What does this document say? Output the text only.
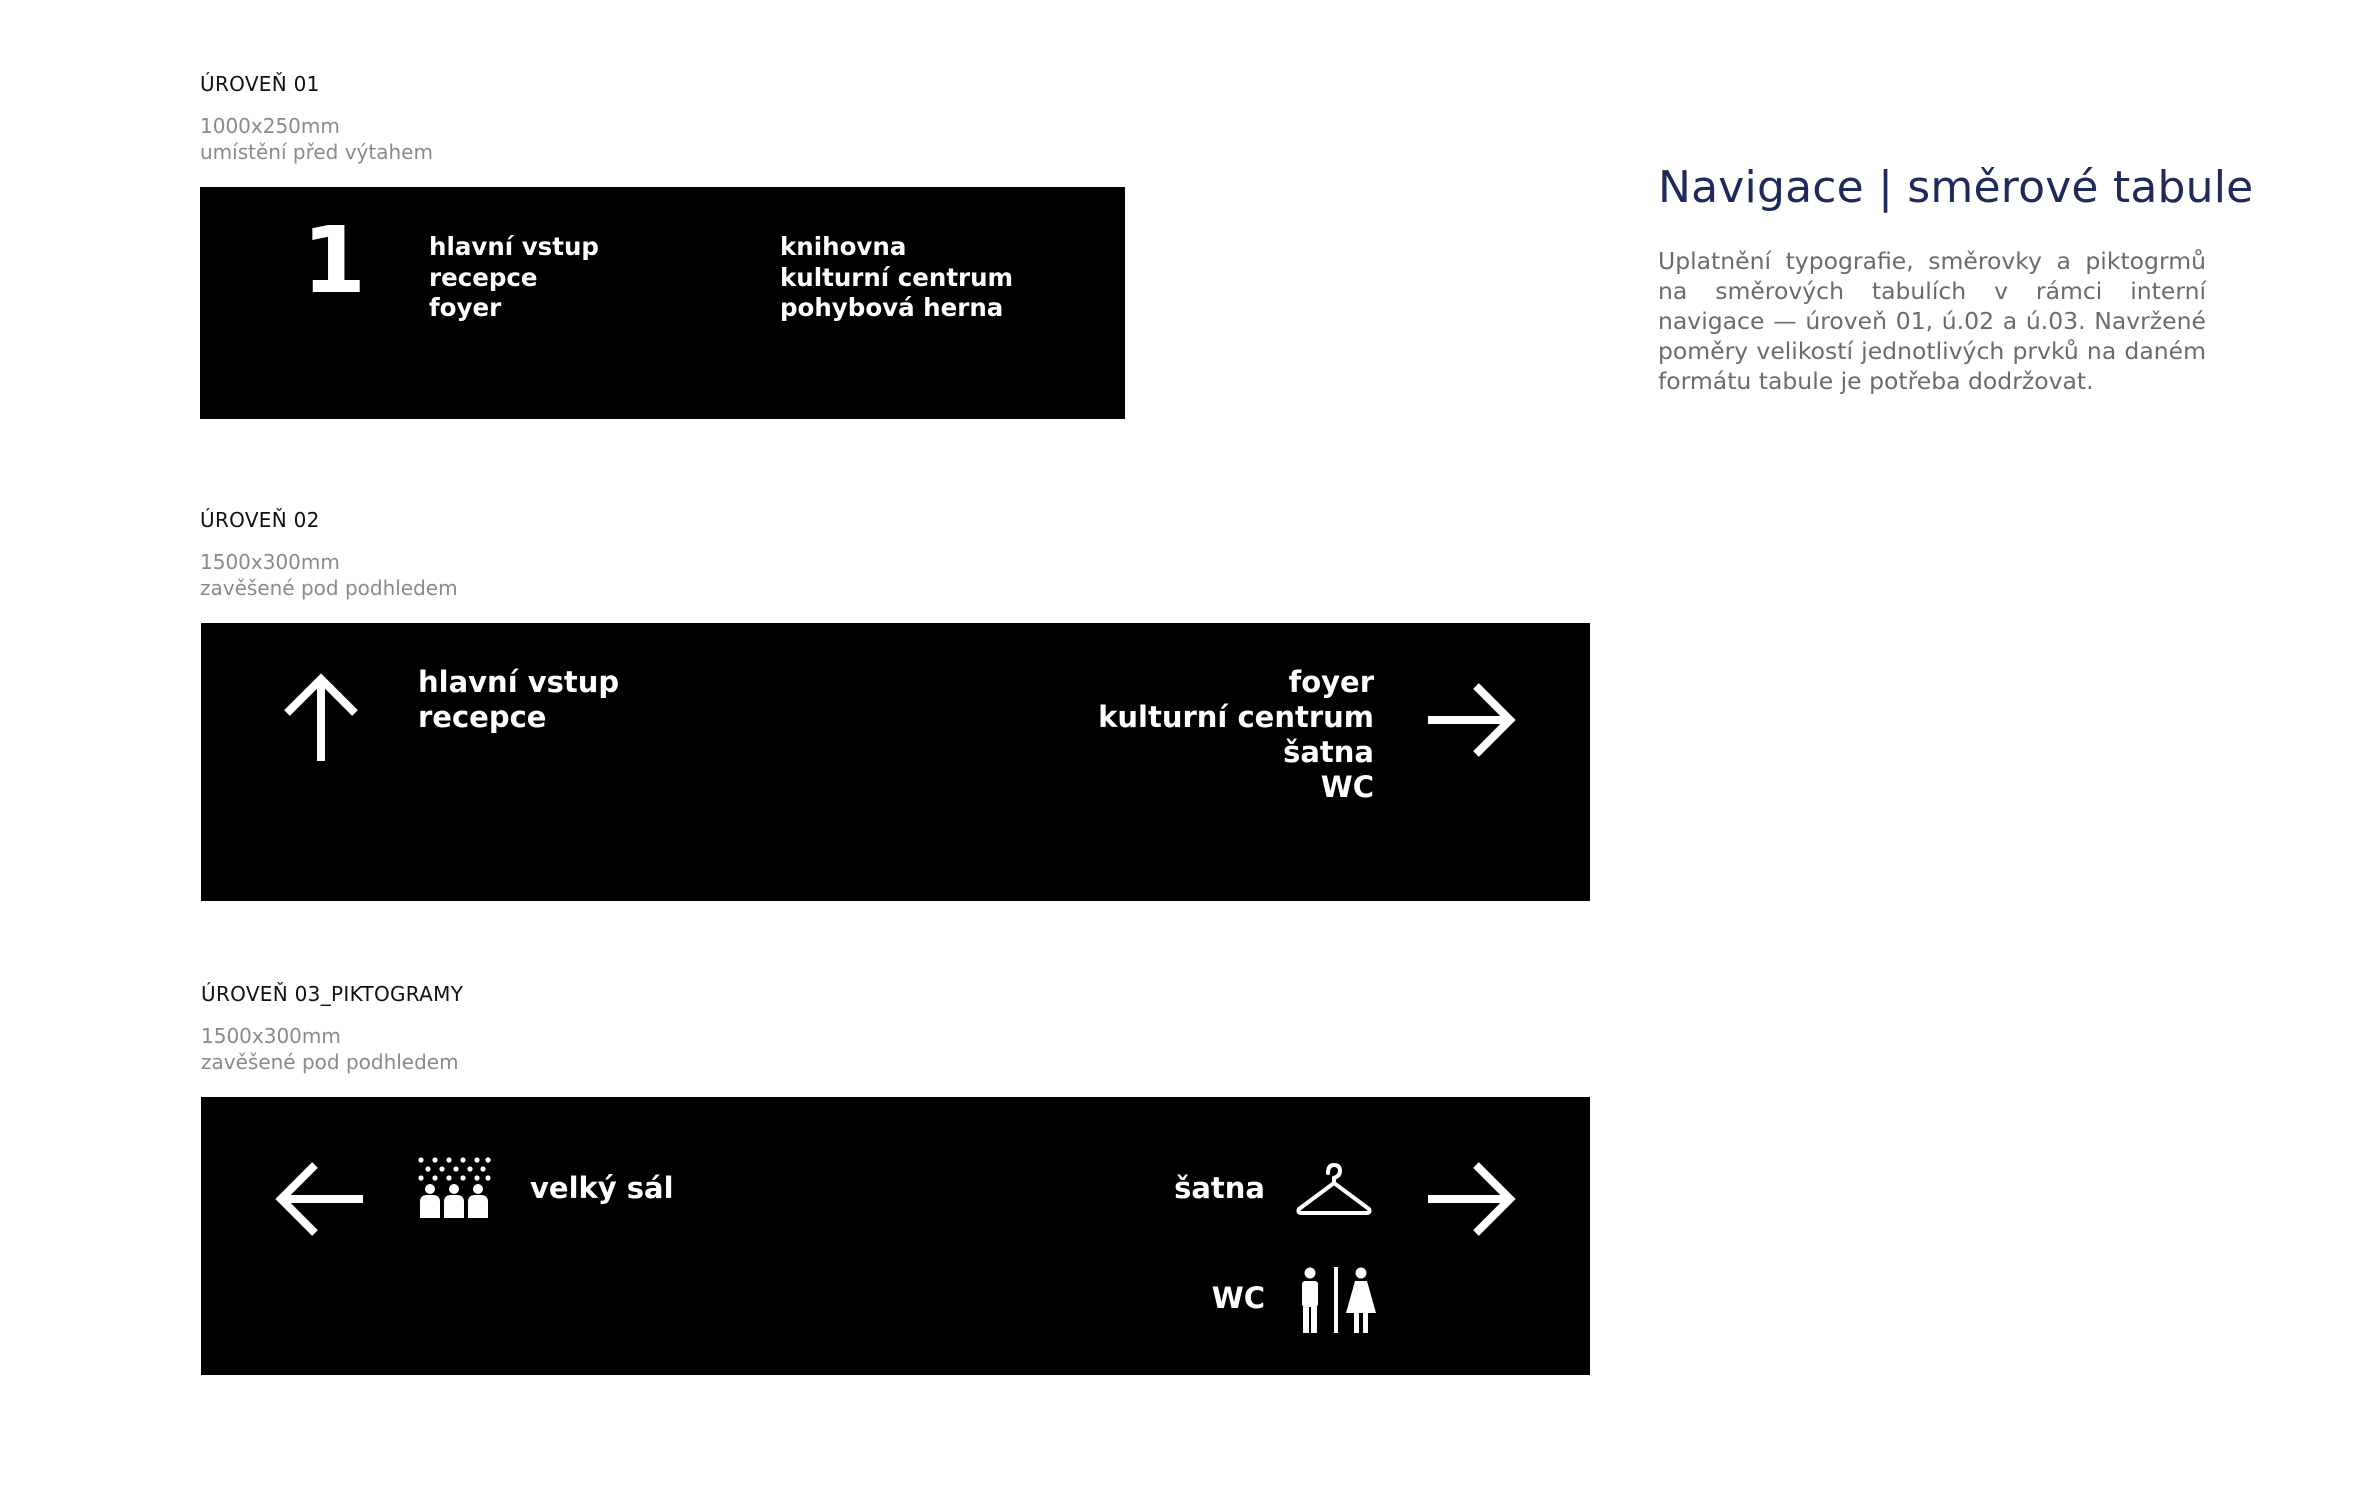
ÚROVEŇ 01
1000x250mm
umístění před výtahem
1	hlavní vstup
recepce
foyer
knihovna
kulturní centrum
pohybová herna
ÚROVEŇ 02
1500x300mm
zavěšené pod podhledem
hlavní vstup
recepce
foyer
kulturní centrum
šatna
WC
ÚROVEŇ 03_PIKTOGRAMY
1500x300mm
zavěšené pod podhledem
velký sál	šatna
WC
Navigace | směrové tabule
Uplatnění typografie, směrovky a piktogrmů na směrových tabulích v rámci interní navigace — úroveň 01, ú.02 a ú.03. Navržené poměry velikostí jednotlivých prvků na daném formátu tabule je potřeba dodržovat.
